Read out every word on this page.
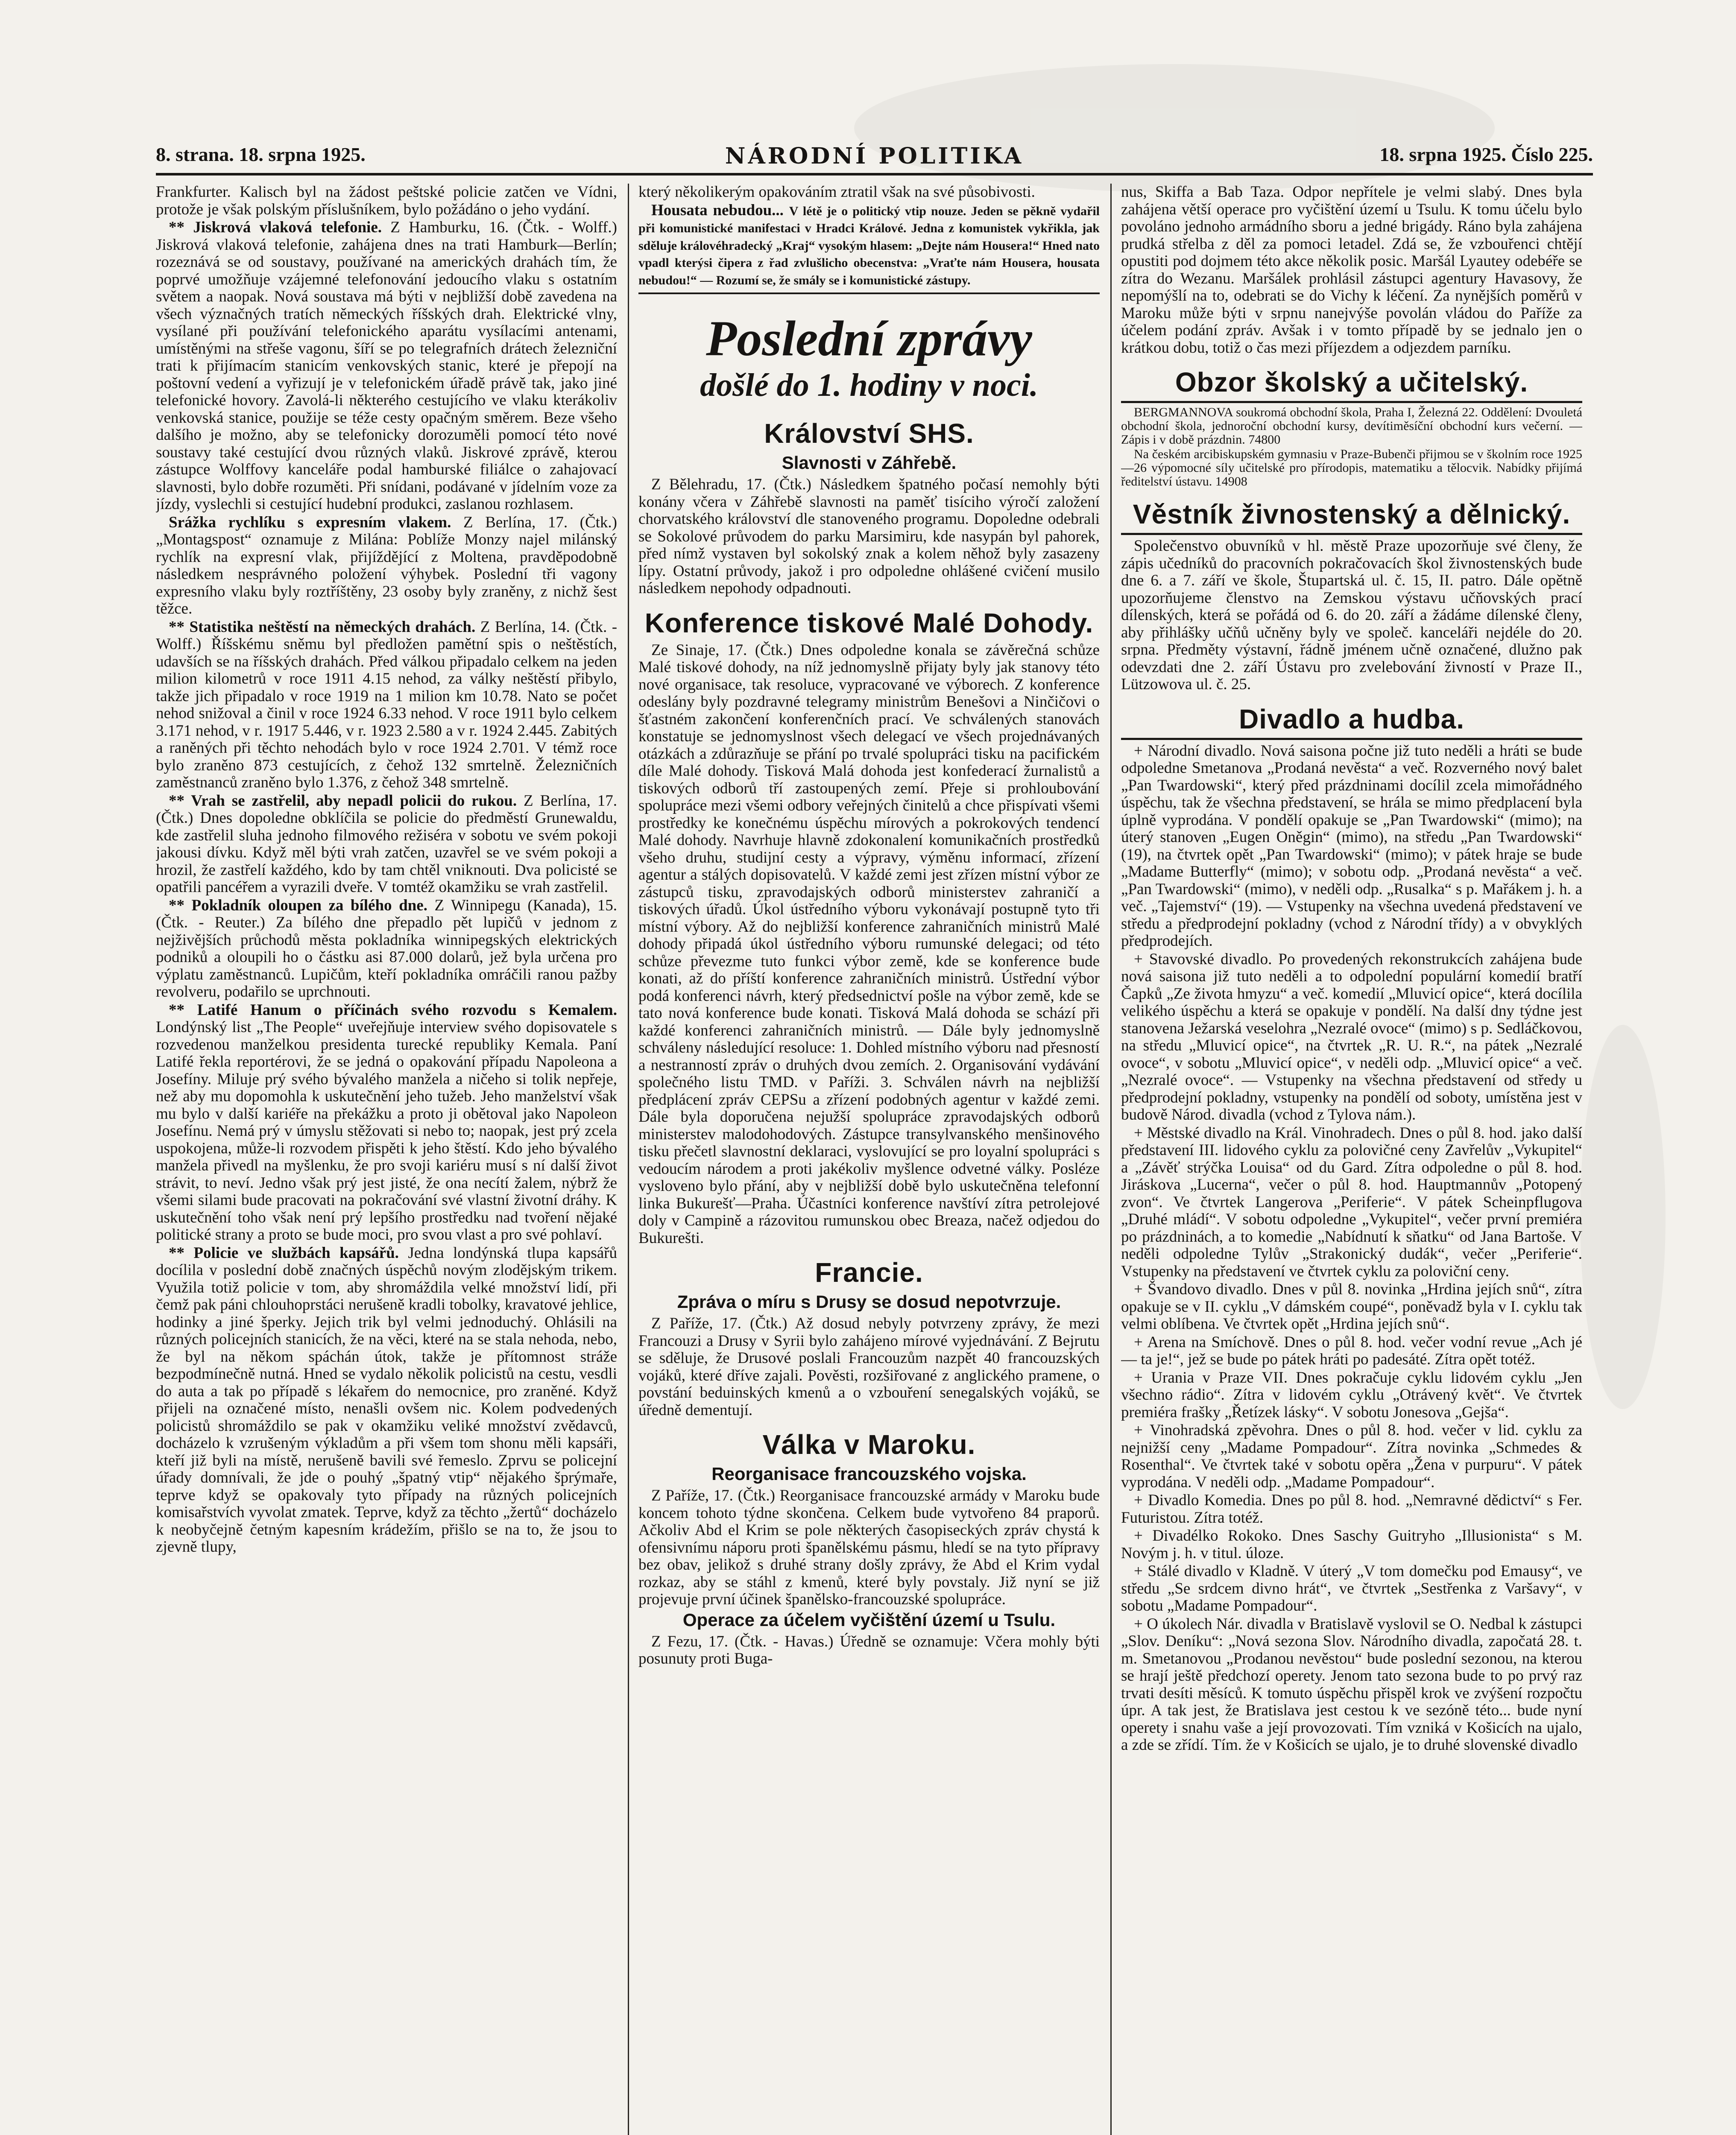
8. strana. 18. srpna 1925.	NÁRODNÍ POLITIKA	18. srpna 1925. Číslo 225.

Frankfurter. Kalisch byl na žádost peštské policie zatčen ve Vídni, protože je však polským příslušníkem, bylo požádáno o jeho vydání.

** Jiskrová vlaková telefonie. Z Hamburku, 16. (Čtk. - Wolff.) Jiskrová vlaková telefonie, zahájena dnes na trati Hamburk—Berlín; rozeznává se od soustavy, používané na amerických drahách tím, že poprvé umožňuje vzájemné telefonování jedoucího vlaku s ostatním světem a naopak. Nová soustava má býti v nejbližší době zavedena na všech význačných tratích německých říšských drah. Elektrické vlny, vysílané při používání telefonického aparátu vysílacími antenami, umístěnými na střeše vagonu, šíří se po telegrafních drátech železniční trati k přijímacím stanicím venkovských stanic, které je přepojí na poštovní vedení a vyřizují je v telefonickém úřadě právě tak, jako jiné telefonické hovory. Zavolá-li některého cestujícího ve vlaku kterákoliv venkovská stanice, použije se téže cesty opačným směrem. Beze všeho dalšího je možno, aby se telefonicky dorozuměli pomocí této nové soustavy také cestující dvou různých vlaků. Jiskrové zprávě, kterou zástupce Wolffovy kanceláře podal hamburské filiálce o zahajovací slavnosti, bylo dobře rozuměti. Při snídani, podávané v jídelním voze za jízdy, vyslechli si cestující hudební produkci, zaslanou rozhlasem.

Srážka rychlíku s expresním vlakem. Z Berlína, 17. (Čtk.) „Montagspost“ oznamuje z Milána: Poblíže Monzy najel milánský rychlík na expresní vlak, přijíždějící z Moltena, pravděpodobně následkem nesprávného položení výhybek. Poslední tři vagony expresního vlaku byly roztříštěny, 23 osoby byly zraněny, z nichž šest těžce.

** Statistika neštěstí na německých drahách. Z Berlína, 14. (Čtk. - Wolff.) Říšskému sněmu byl předložen pamětní spis o neštěstích, udavších se na říšských drahách. Před válkou připadalo celkem na jeden milion kilometrů v roce 1911 4.15 nehod, za války neštěstí přibylo, takže jich připadalo v roce 1919 na 1 milion km 10.78. Nato se počet nehod snižoval a činil v roce 1924 6.33 nehod. V roce 1911 bylo celkem 3.171 nehod, v r. 1917 5.446, v r. 1923 2.580 a v r. 1924 2.445. Zabitých a raněných při těchto nehodách bylo v roce 1924 2.701. V témž roce bylo zraněno 873 cestujících, z čehož 132 smrtelně. Železničních zaměstnanců zraněno bylo 1.376, z čehož 348 smrtelně.

** Vrah se zastřelil, aby nepadl policii do rukou. Z Berlína, 17. (Čtk.) Dnes dopoledne obklíčila se policie do předměstí Grunewaldu, kde zastřelil sluha jednoho filmového režiséra v sobotu ve svém pokoji jakousi dívku. Když měl býti vrah zatčen, uzavřel se ve svém pokoji a hrozil, že zastřelí každého, kdo by tam chtěl vniknouti. Dva policisté se opatřili pancéřem a vyrazili dveře. V tomtéž okamžiku se vrah zastřelil.

** Pokladník oloupen za bílého dne. Z Winnipegu (Kanada), 15. (Čtk. - Reuter.) Za bílého dne přepadlo pět lupičů v jednom z nejživějších průchodů města pokladníka winnipegských elektrických podniků a oloupili ho o částku asi 87.000 dolarů, jež byla určena pro výplatu zaměstnanců. Lupičům, kteří pokladníka omráčili ranou pažby revolveru, podařilo se uprchnouti.

** Latifé Hanum o příčinách svého rozvodu s Kemalem. Londýnský list „The People“ uveřejňuje interview svého dopisovatele s rozvedenou manželkou presidenta turecké republiky Kemala. Paní Latifé řekla reportérovi, že se jedná o opakování případu Napoleona a Josefíny. Miluje prý svého bývalého manžela a ničeho si tolik nepřeje, než aby mu dopomohla k uskutečnění jeho tužeb. Jeho manželství však mu bylo v další kariéře na překážku a proto ji obětoval jako Napoleon Josefínu. Nemá prý v úmyslu stěžovati si nebo to; naopak, jest prý zcela uspokojena, může-li rozvodem přispěti k jeho štěstí. Kdo jeho bývalého manžela přivedl na myšlenku, že pro svoji kariéru musí s ní další život strávit, to neví. Jedno však prý jest jisté, že ona necítí žalem, nýbrž že všemi silami bude pracovati na pokračování své vlastní životní dráhy. K uskutečnění toho však není prý lepšího prostředku nad tvoření nějaké politické strany a proto se bude moci, pro svou vlast a pro své pohlaví.

** Policie ve službách kapsářů. Jedna londýnská tlupa kapsářů docílila v poslední době značných úspěchů novým zlodějským trikem. Využila totiž policie v tom, aby shromáždila velké množství lidí, při čemž pak páni chlouhoprstáci nerušeně kradli tobolky, kravatové jehlice, hodinky a jiné šperky. Jejich trik byl velmi jednoduchý. Ohlásili na různých policejních stanicích, že na věci, které na se stala nehoda, nebo, že byl na někom spáchán útok, takže je přítomnost stráže bezpodmínečně nutná. Hned se vydalo několik policistů na cestu, vesdli do auta a tak po případě s lékařem do nemocnice, pro zraněné. Když přijeli na označené místo, nenašli ovšem nic. Kolem podvedených policistů shromáždilo se pak v okamžiku veliké množství zvědavců, docházelo k vzrušeným výkladům a při všem tom shonu měli kapsáři, kteří již byli na místě, nerušeně bavili své řemeslo. Zprvu se policejní úřady domnívali, že jde o pouhý „špatný vtip“ nějakého šprýmaře, teprve když se opakovaly tyto případy na různých policejních komisařstvích vyvolat zmatek. Teprve, když za těchto „žertů“ docházelo k neobyčejně četným kapesním krádežím, přišlo se na to, že jsou to zjevně tlupy,

který několikerým opakováním ztratil však na své působivosti.

Housata nebudou... V létě je o politický vtip nouze. Jeden se pěkně vydařil při komunistické manifestaci v Hradci Králové. Jedna z komunistek vykřikla, jak sděluje královéhradecký „Kraj“ vysokým hlasem: „Dejte nám Housera!“ Hned nato vpadl kterýsi čiperа z řad zvlušlicho obecenstva: „Vraťte nám Housera, housata nebudou!“ — Rozumí se, že smály se i komunistické zástupy.

Poslední zprávy
došlé do 1. hodiny v noci.
Království SHS.
Slavnosti v Záhřebě.

Z Bělehradu, 17. (Čtk.) Následkem špatného počasí nemohly býti konány včera v Záhřebě slavnosti na paměť tisíciho výročí založení chorvatského království dle stanoveného programu. Dopoledne odebrali se Sokolové průvodem do parku Marsimiru, kde nasypán byl pahorek, před nímž vystaven byl sokolský znak a kolem něhož byly zasazeny lípy. Ostatní průvody, jakož i pro odpoledne ohlášené cvičení musilo následkem nepohody odpadnouti.

Konference tiskové Malé Dohody.

Ze Sinaje, 17. (Čtk.) Dnes odpoledne konala se závěrečná schůze Malé tiskové dohody, na níž jednomyslně přijaty byly jak stanovy této nové organisace, tak resoluce, vypracované ve výborech. Z konference odeslány byly pozdravné telegramy ministrům Benešovi a Ninčičovi o šťastném zakončení konferenčních prací. Ve schválených stanovách konstatuje se jednomyslnost všech delegací ve všech projednávaných otázkách a zdůrazňuje se přání po trvalé spolupráci tisku na pacifickém díle Malé dohody. Tisková Malá dohoda jest konfederací žurnalistů a tiskových odborů tří zastoupených zemí. Přeje si prohloubování spolupráce mezi všemi odbory veřejných činitelů a chce přispívati všemi prostředky ke konečnému úspěchu mírových a pokrokových tendencí Malé dohody. Navrhuje hlavně zdokonalení komunikačních prostředků všeho druhu, studijní cesty a výpravy, výměnu informací, zřízení agentur a stálých dopisovatelů. V každé zemi jest zřízen místní výbor ze zástupců tisku, zpravodajských odborů ministerstev zahraničí a tiskových úřadů. Úkol ústředního výboru vykonávají postupně tyto tři místní výbory. Až do nejbližší konference zahraničních ministrů Malé dohody připadá úkol ústředního výboru rumunské delegaci; od této schůze převezme tuto funkci výbor země, kde se konference bude konati, až do příští konference zahraničních ministrů. Ústřední výbor podá konferenci návrh, který předsednictví pošle na výbor země, kde se tato nová konference bude konati. Tisková Malá dohoda se schází při každé konferenci zahraničních ministrů. — Dále byly jednomyslně schváleny následující resoluce: 1. Dohled místního výboru nad přesností a nestranností zpráv o druhých dvou zemích. 2. Organisování vydávání společného listu TMD. v Paříži. 3. Schválen návrh na nejbližší předplácení zpráv CEPSu a zřízení podobných agentur v každé zemi. Dále byla doporučena nejužší spolupráce zpravodajských odborů ministerstev malodohodových. Zástupce transylvanského menšinového tisku přečetl slavnostní deklaraci, vyslovující se pro loyalní spolupráci s vedoucím národem a proti jakékoliv myšlence odvetné války. Posléze vysloveno bylo přání, aby v nejbližší době bylo uskutečněna telefonní linka Bukurešť—Praha. Účastníci konference navštíví zítra petrolejové doly v Campině a rázovitou rumunskou obec Breaza, načež odjedou do Bukurešti.

Francie.
Zpráva o míru s Drusy se dosud nepotvrzuje.

Z Paříže, 17. (Čtk.) Až dosud nebyly potvrzeny zprávy, že mezi Francouzi a Drusy v Syrii bylo zahájeno mírové vyjednávání. Z Bejrutu se sděluje, že Drusové poslali Francouzům nazpět 40 francouzských vojáků, které dříve zajali. Pověsti, rozšiřované z anglického pramene, o povstání beduinských kmenů a o vzbouření senegalských vojáků, se úředně dementují.

Válka v Maroku.
Reorganisace francouzského vojska.

Z Paříže, 17. (Čtk.) Reorganisace francouzské armády v Maroku bude koncem tohoto týdne skončena. Celkem bude vytvořeno 84 praporů. Ačkoliv Abd el Krim se pole některých časopiseckých zpráv chystá k ofensivnímu náporu proti španělskému pásmu, hledí se na tyto přípravy bez obav, jelikož s druhé strany došly zprávy, že Abd el Krim vydal rozkaz, aby se stáhl z kmenů, které byly povstaly. Již nyní se již projevuje první účinek španělsko-francouzské spolupráce.

Operace za účelem vyčištění území u Tsulu.

Z Fezu, 17. (Čtk. - Havas.) Úředně se oznamuje: Včera mohly býti posunuty proti Buga-

nus, Skiffa a Bab Taza. Odpor nepřítele je velmi slabý. Dnes byla zahájena větší operace pro vyčištění území u Tsulu. K tomu účelu bylo povoláno jednoho armádního sboru a jedné brigády. Ráno byla zahájena prudká střelba z děl za pomoci letadel. Zdá se, že vzbouřenci chtějí opustiti pod dojmem této akce několik posic. Maršál Lyautey odebéře se zítra do Wezanu. Maršálek prohlásil zástupci agentury Havasovy, že nepomýšlí na to, odebrati se do Vichy k léčení. Za nynějších poměrů v Maroku může býti v srpnu nanejvýše povolán vládou do Paříže za účelem podání zpráv. Avšak i v tomto případě by se jednalo jen o krátkou dobu, totiž o čas mezi příjezdem a odjezdem parníku.

Obzor školský a učitelský.

BERGMANNOVA soukromá obchodní škola, Praha I, Železná 22. Oddělení: Dvouletá obchodní škola, jednoroční obchodní kursy, devítiměsíční obchodní kurs večerní. — Zápis i v době prázdnin. 74800

Na českém arcibiskupském gymnasiu v Praze-Bubenči přijmou se v školním roce 1925—26 výpomocné síly učitelské pro přírodopis, matematiku a tělocvik. Nabídky přijímá ředitelství ústavu. 14908

Věstník živnostenský a dělnický.

Společenstvo obuvníků v hl. městě Praze upozorňuje své členy, že zápis učedníků do pracovních pokračovacích škol živnostenských bude dne 6. a 7. září ve škole, Štupartská ul. č. 15, II. patro. Dále opětně upozorňujeme členstvo na Zemskou výstavu učňovských prací dílenských, která se pořádá od 6. do 20. září a žádáme dílenské členy, aby přihlášky učňů učněny byly ve společ. kanceláři nejdéle do 20. srpna. Předměty výstavní, řádně jménem učně označené, dlužno pak odevzdati dne 2. září Ústavu pro zvelebování živností v Praze II., Lützowova ul. č. 25.

Divadlo a hudba.

+ Národní divadlo. Nová saisona počne již tuto neděli a hráti se bude odpoledne Smetanova „Prodaná nevěsta“ a več. Rozverného nový balet „Pan Twardowski“, který před prázdninami docílil zcela mimořádného úspěchu, tak že všechna představení, se hrála se mimo předplacení byla úplně vyprodána. V pondělí opakuje se „Pan Twardowski“ (mimo); na úterý stanoven „Eugen Oněgin“ (mimo), na středu „Pan Twardowski“ (19), na čtvrtek opět „Pan Twardowski“ (mimo); v pátek hraje se bude „Madame Butterfly“ (mimo); v sobotu odp. „Prodaná nevěsta“ a več. „Pan Twardowski“ (mimo), v neděli odp. „Rusalka“ s p. Mařákem j. h. a več. „Tajemství“ (19). — Vstupenky na všechna uvedená představení ve středu a předprodejní pokladny (vchod z Národní třídy) a v obvyklých předprodejích.

+ Stavovské divadlo. Po provedených rekonstrukcích zahájena bude nová saisona již tuto neděli a to odpolední populární komedií bratří Čapků „Ze života hmyzu“ a več. komedií „Mluvicí opice“, která docílila velikého úspěchu a která se opakuje v pondělí. Na další dny týdne jest stanovena Ježarská veselohra „Nezralé ovoce“ (mimo) s p. Sedláčkovou, na středu „Mluvicí opice“, na čtvrtek „R. U. R.“, na pátek „Nezralé ovoce“, v sobotu „Mluvicí opice“, v neděli odp. „Mluvicí opice“ a več. „Nezralé ovoce“. — Vstupenky na všechna představení od středy u předprodejní pokladny, vstupenky na pondělí od soboty, umístěna jest v budově Národ. divadla (vchod z Tylova nám.).

+ Městské divadlo na Král. Vinohradech. Dnes o půl 8. hod. jako další představení III. lidového cyklu za polovičné ceny Zavřelův „Vykupitel“ a „Závěť strýčka Louisa“ od du Gard. Zítra odpoledne o půl 8. hod. Jiráskova „Lucerna“, večer o půl 8. hod. Hauptmannův „Potopený zvon“. Ve čtvrtek Langerova „Periferie“. V pátek Scheinpflugova „Druhé mládí“. V sobotu odpoledne „Vykupitel“, večer první premiéra po prázdninách, a to komedie „Nabídnutí k sňatku“ od Jana Bartoše. V neděli odpoledne Tylův „Strakonický dudák“, večer „Periferie“. Vstupenky na představení ve čtvrtek cyklu za poloviční ceny.

+ Švandovo divadlo. Dnes v půl 8. novinka „Hrdina jejích snů“, zítra opakuje se v II. cyklu „V dámském coupé“, poněvadž byla v I. cyklu tak velmi oblíbena. Ve čtvrtek opět „Hrdina jejích snů“.

+ Arena na Smíchově. Dnes o půl 8. hod. večer vodní revue „Ach jé — ta je!“, jež se bude po pátek hráti po padesáté. Zítra opět totéž.

+ Urania v Praze VII. Dnes pokračuje cyklu lidovém cyklu „Jen všechno rádio“. Zítra v lidovém cyklu „Otrávený květ“. Ve čtvrtek premiéra frašky „Řetízek lásky“. V sobotu Jonesova „Gejša“.

+ Vinohradská zpěvohra. Dnes o půl 8. hod. večer v lid. cyklu za nejnižší ceny „Madame Pompadour“. Zítra novinka „Schmedes & Rosenthal“. Ve čtvrtek také v sobotu opěra „Žena v purpuru“. V pátek vyprodána. V neděli odp. „Madame Pompadour“.

+ Divadlo Komedia. Dnes po půl 8. hod. „Nemravné dědictví“ s Fer. Futuristou. Zítra totéž.

+ Divadélko Rokoko. Dnes Saschy Guitryho „Illusionista“ s M. Novým j. h. v titul. úloze.

+ Stálé divadlo v Kladně. V úterý „V tom domečku pod Emausy“, ve středu „Se srdcem divno hrát“, ve čtvrtek „Sestřenka z Varšavy“, v sobotu „Madame Pompadour“.

+ O úkolech Nár. divadla v Bratislavě vyslovil se O. Nedbal k zástupci „Slov. Deníku“: „Nová sezona Slov. Národního divadla, započatá 28. t. m. Smetanovou „Prodanou nevěstou“ bude poslední sezonou, na kterou se hrají ještě předchozí operety. Jenom tato sezona bude to po prvý raz trvati desíti měsíců. K tomuto úspěchu přispěl krok ve zvýšení rozpočtu úpr. A tak jest, že Bratislava jest cestou k ve sezóně této... bude nyní operety i snahu vaše a její provozovati. Tím vzniká v Košicích na ujalo, a zde se zřídí. Tím. že v Košicích se ujalo, je to druhé slovenské divadlo
